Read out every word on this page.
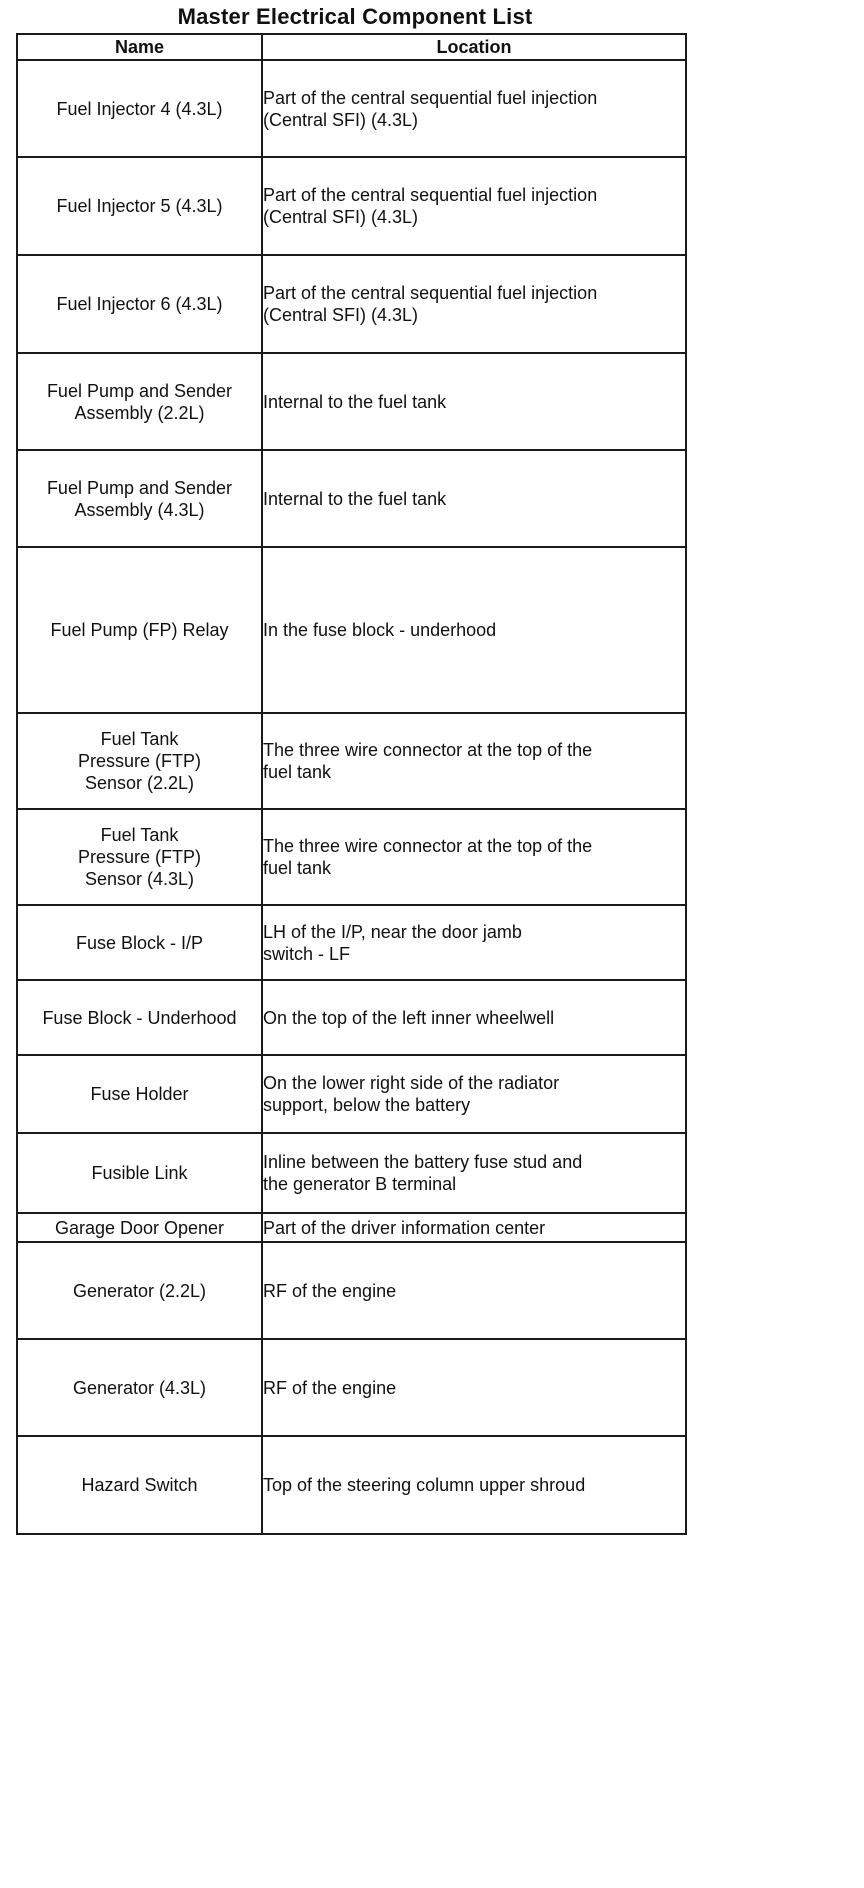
Master Electrical Component List
Name	Location
Fuel Injector 4 (4.3L)	Part of the central sequential fuel injection
(Central SFI) (4.3L)
Fuel Injector 5 (4.3L)	Part of the central sequential fuel injection
(Central SFI) (4.3L)
Fuel Injector 6 (4.3L)	Part of the central sequential fuel injection
(Central SFI) (4.3L)
Fuel Pump and Sender
Assembly (2.2L)	Internal to the fuel tank
Fuel Pump and Sender
Assembly (4.3L)	Internal to the fuel tank
Fuel Pump (FP) Relay	In the fuse block - underhood
Fuel Tank
Pressure (FTP)
Sensor (2.2L)	The three wire connector at the top of the
fuel tank
Fuel Tank
Pressure (FTP)
Sensor (4.3L)	The three wire connector at the top of the
fuel tank
Fuse Block - I/P	LH of the I/P, near the door jamb
switch - LF
Fuse Block - Underhood	On the top of the left inner wheelwell
Fuse Holder	On the lower right side of the radiator
support, below the battery
Fusible Link	Inline between the battery fuse stud and
the generator B terminal
Garage Door Opener	Part of the driver information center
Generator (2.2L)	RF of the engine
Generator (4.3L)	RF of the engine
Hazard Switch	Top of the steering column upper shroud
